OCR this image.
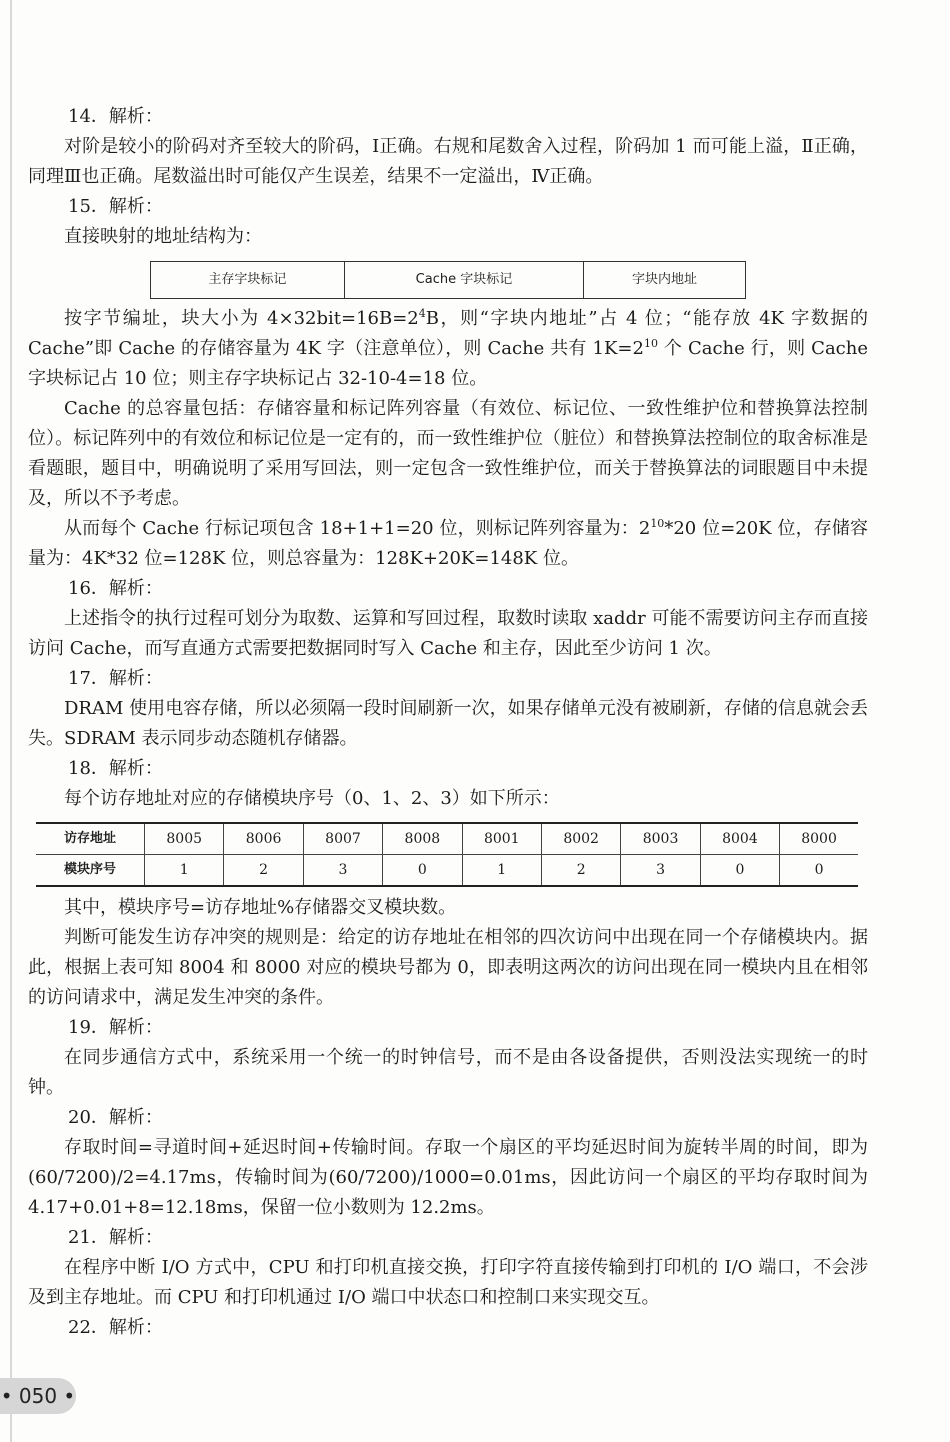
14．解析：

对阶是较小的阶码对齐至较大的阶码，Ⅰ正确。右规和尾数舍入过程，阶码加 1 而可能上溢，Ⅱ正确，同理Ⅲ也正确。尾数溢出时可能仅产生误差，结果不一定溢出，Ⅳ正确。

15．解析：

直接映射的地址结构为：

主存字块标记	Cache 字块标记	字块内地址

按字节编址，块大小为 $4\times 32bit=16B=2^4B$，则“字块内地址”占 4 位；“能存放 4K 字数据的 Cache”即 Cache 的存储容量为 4K 字（注意单位），则 Cache 共有 $1K=2^{10}$ 个 Cache 行，则 Cache 字块标记占 10 位；则主存字块标记占 32-10-4=18 位。

Cache 的总容量包括：存储容量和标记阵列容量（有效位、标记位、一致性维护位和替换算法控制位）。标记阵列中的有效位和标记位是一定有的，而一致性维护位（脏位）和替换算法控制位的取舍标准是看题眼，题目中，明确说明了采用写回法，则一定包含一致性维护位，而关于替换算法的词眼题目中未提及，所以不予考虑。

从而每个 Cache 行标记项包含 18+1+1=20 位，则标记阵列容量为：$2^{10}*20$ 位=20K 位，存储容量为：4K*32 位=128K 位，则总容量为：128K+20K=148K 位。

16．解析：

上述指令的执行过程可划分为取数、运算和写回过程，取数时读取 xaddr 可能不需要访问主存而直接访问 Cache，而写直通方式需要把数据同时写入 Cache 和主存，因此至少访问 1 次。

17．解析：

DRAM 使用电容存储，所以必须隔一段时间刷新一次，如果存储单元没有被刷新，存储的信息就会丢失。SDRAM 表示同步动态随机存储器。

18．解析：

每个访存地址对应的存储模块序号（0、1、2、3）如下所示：

访存地址	8005	8006	8007	8008	8001	8002	8003	8004	8000
模块序号	1	2	3	0	1	2	3	0	0

其中，模块序号=访存地址%存储器交叉模块数。

判断可能发生访存冲突的规则是：给定的访存地址在相邻的四次访问中出现在同一个存储模块内。据此，根据上表可知 8004 和 8000 对应的模块号都为 0，即表明这两次的访问出现在同一模块内且在相邻的访问请求中，满足发生冲突的条件。

19．解析：

在同步通信方式中，系统采用一个统一的时钟信号，而不是由各设备提供，否则没法实现统一的时钟。

20．解析：

存取时间=寻道时间+延迟时间+传输时间。存取一个扇区的平均延迟时间为旋转半周的时间，即为(60/7200)/2=4.17ms，传输时间为(60/7200)/1000=0.01ms，因此访问一个扇区的平均存取时间为 4.17+0.01+8=12.18ms，保留一位小数则为 12.2ms。

21．解析：

在程序中断 I/O 方式中，CPU 和打印机直接交换，打印字符直接传输到打印机的 I/O 端口，不会涉及到主存地址。而 CPU 和打印机通过 I/O 端口中状态口和控制口来实现交互。

22．解析：

• 050 •
